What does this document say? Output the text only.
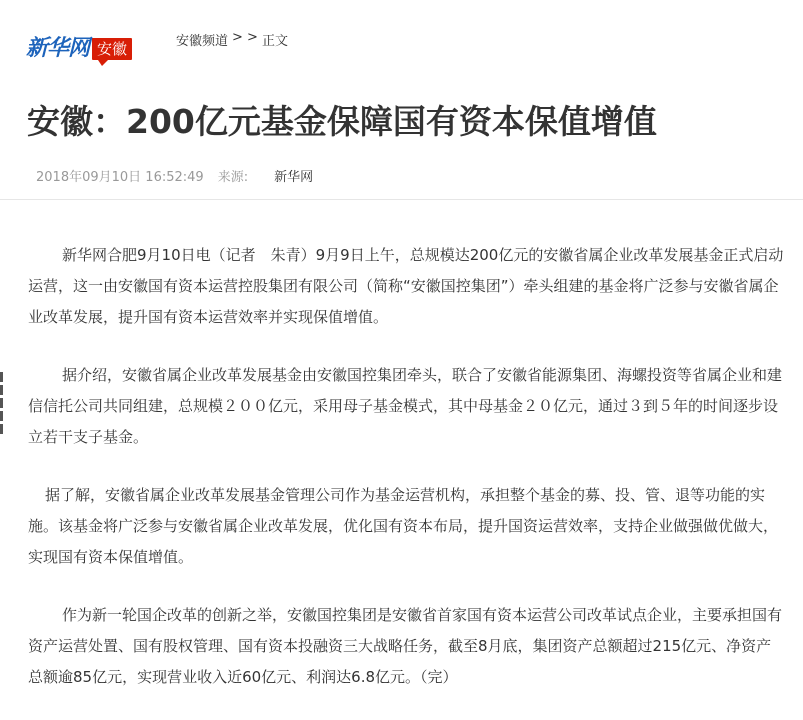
新华网 安徽	安徽频道 > > 正文
安徽：200亿元基金保障国有资本保值增值
2018年09月10日 16:52:49 来源: 新华网

新华网合肥9月10日电（记者　朱青）9月9日上午，总规模达200亿元的安徽省属企业改革发展基金正式启动运营，这一由安徽国有资本运营控股集团有限公司（简称“安徽国控集团”）牵头组建的基金将广泛参与安徽省属企业改革发展，提升国有资本运营效率并实现保值增值。

据介绍，安徽省属企业改革发展基金由安徽国控集团牵头，联合了安徽省能源集团、海螺投资等省属企业和建信信托公司共同组建，总规模２００亿元，采用母子基金模式，其中母基金２０亿元，通过３到５年的时间逐步设立若干支子基金。

据了解，安徽省属企业改革发展基金管理公司作为基金运营机构，承担整个基金的募、投、管、退等功能的实施。该基金将广泛参与安徽省属企业改革发展，优化国有资本布局，提升国资运营效率，支持企业做强做优做大，实现国有资本保值增值。

作为新一轮国企改革的创新之举，安徽国控集团是安徽省首家国有资本运营公司改革试点企业，主要承担国有资产运营处置、国有股权管理、国有资本投融资三大战略任务，截至8月底，集团资产总额超过215亿元、净资产总额逾85亿元，实现营业收入近60亿元、利润达6.8亿元。（完）
